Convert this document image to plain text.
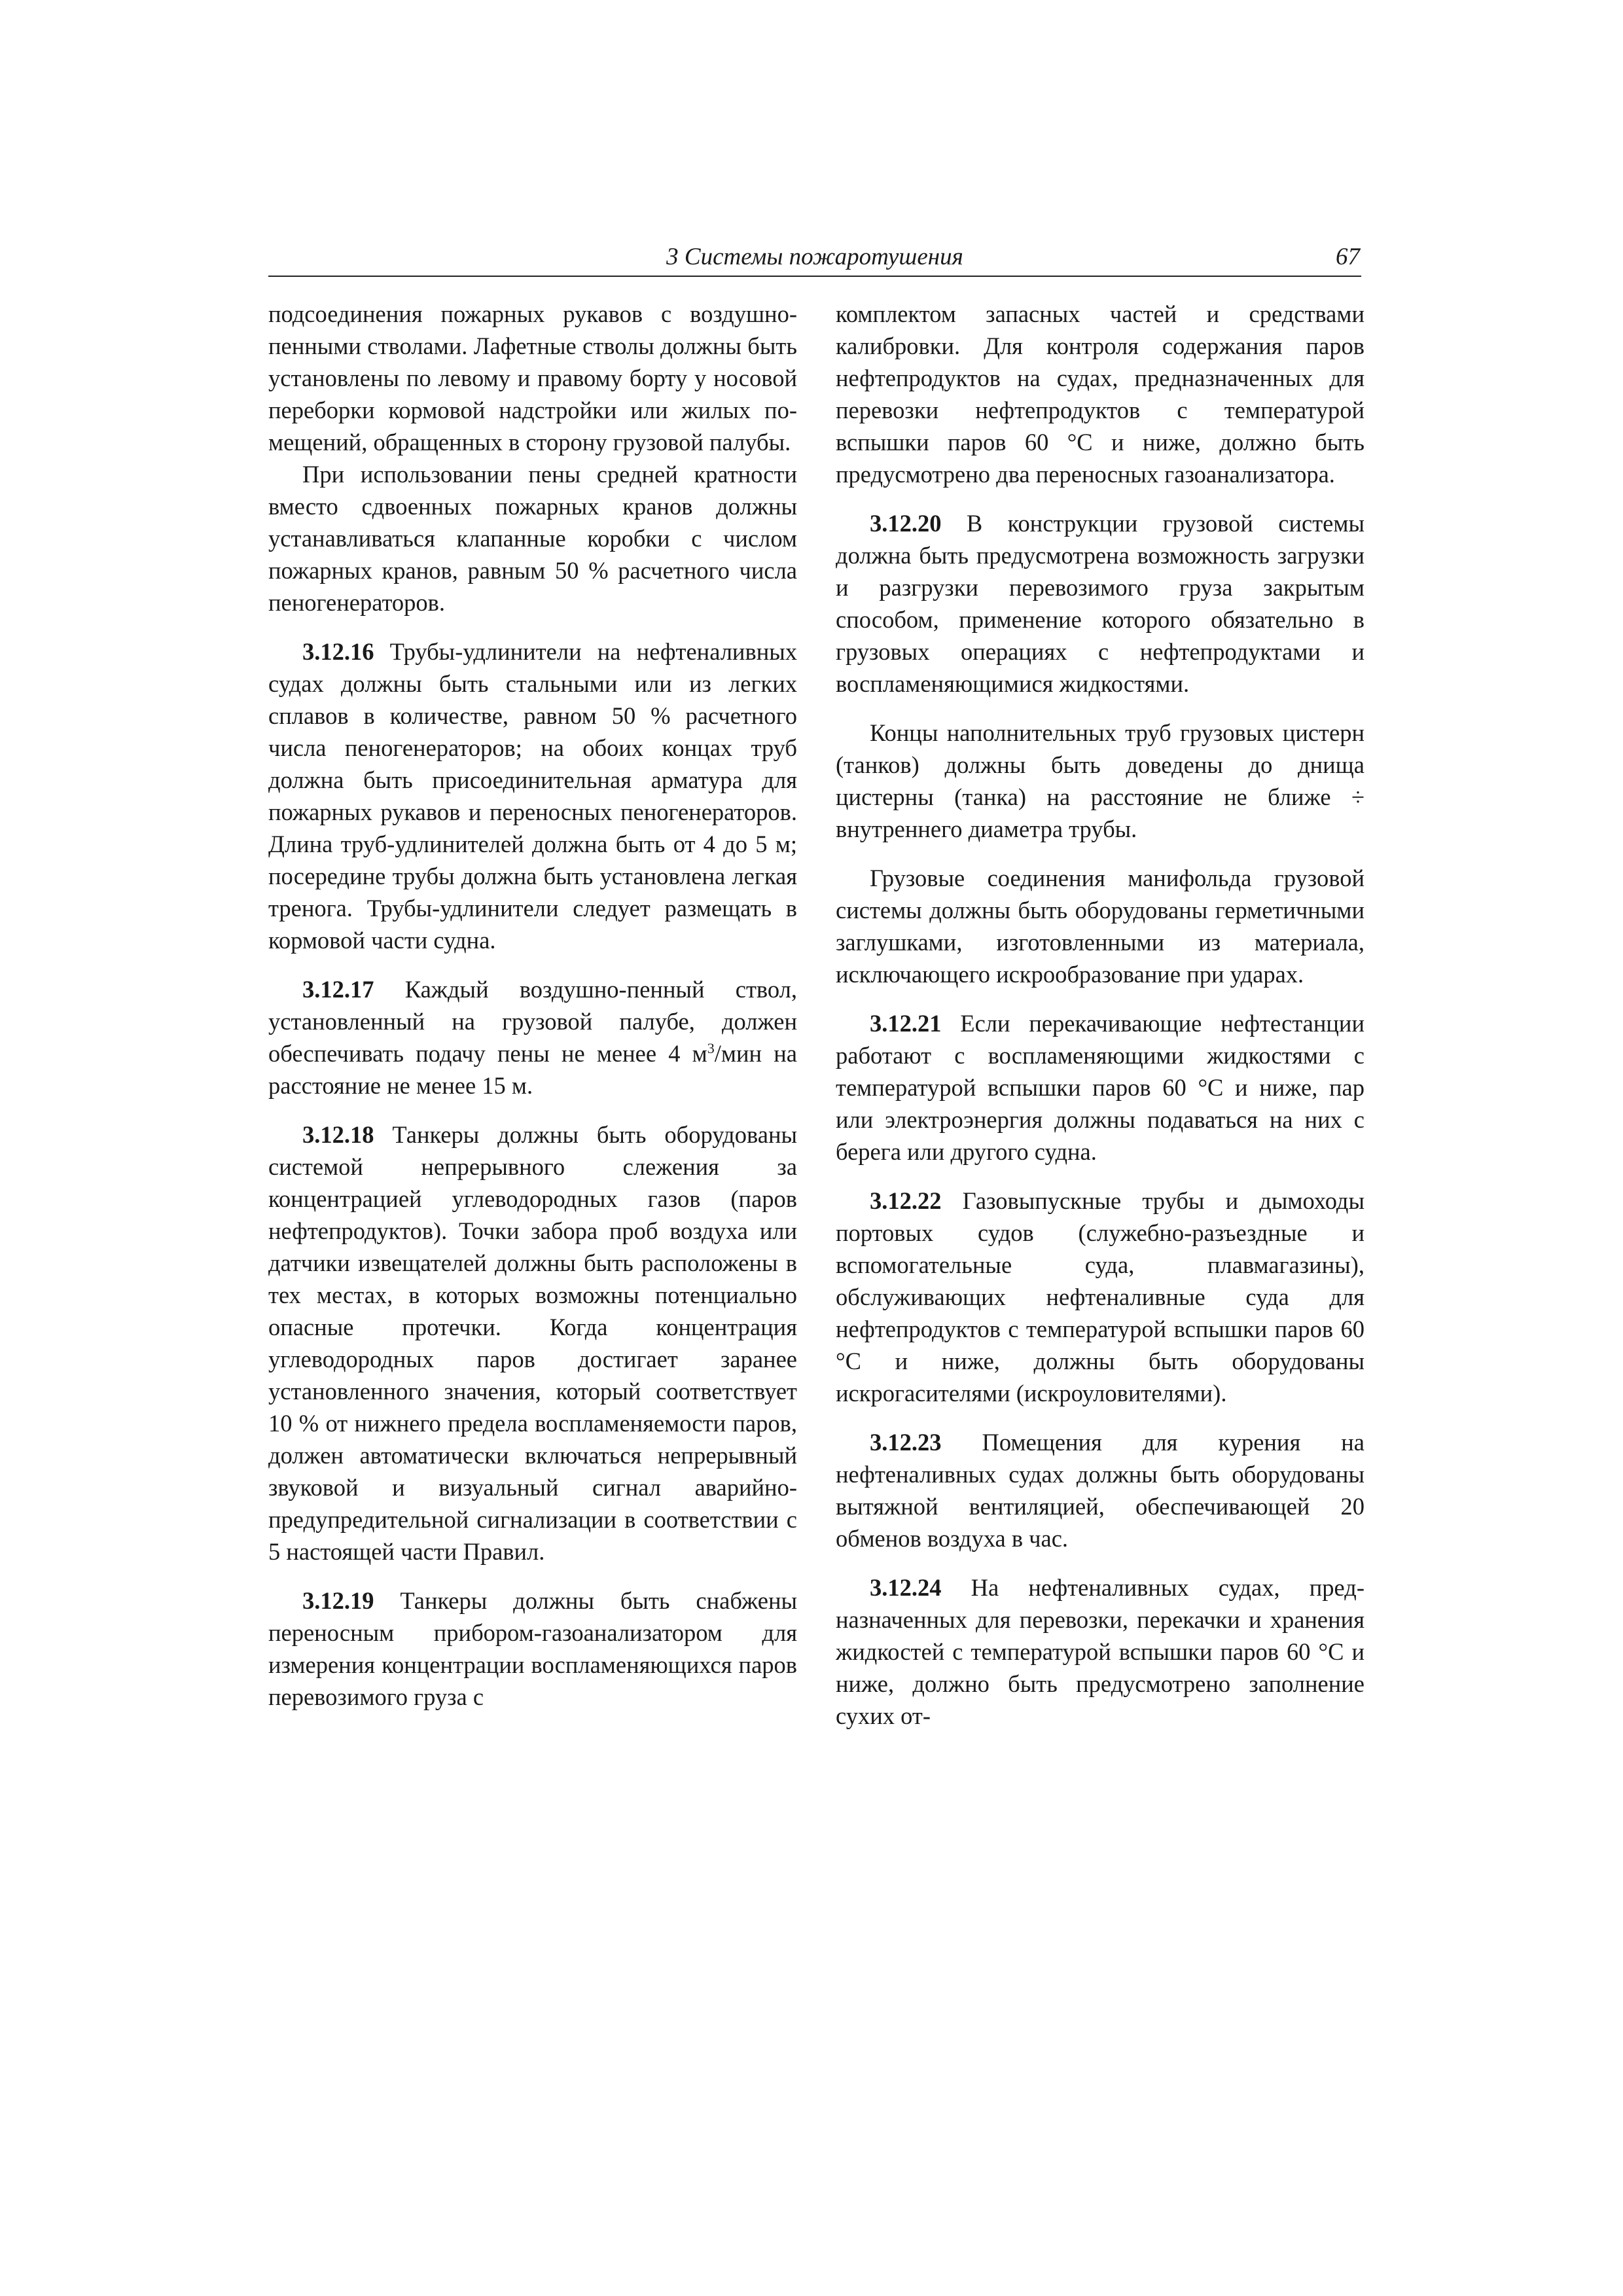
3 Системы пожаротушения	67

подсоединения пожарных рукавов с воздушно-пенными стволами. Лафетные стволы должны быть установлены по левому и правому борту у носовой переборки кормовой надстройки или жилых помещений, обращенных в сторону грузовой палубы.

При использовании пены средней кратности вместо сдвоенных пожарных кранов должны устанавливаться клапанные коробки с числом пожарных кранов, равным 50 % расчетного числа пеногенераторов.

3.12.16 Трубы-удлинители на нефтеналивных судах должны быть стальными или из легких сплавов в количестве, равном 50 % расчетного числа пеногенераторов; на обоих концах труб должна быть присоединительная арматура для пожарных рукавов и переносных пеногенераторов. Длина труб-удлинителей должна быть от 4 до 5 м; посередине трубы должна быть установлена легкая тренога. Трубы-удлинители следует размещать в кормовой части судна.

3.12.17 Каждый воздушно-пенный ствол, установленный на грузовой палубе, должен обеспечивать подачу пены не менее 4 $м^3$/мин на расстояние не менее 15 м.

3.12.18 Танкеры должны быть оборудованы системой непрерывного слежения за концентрацией углеводородных газов (паров нефтепродуктов). Точки забора проб воздуха или датчики извещателей должны быть расположены в тех местах, в которых возможны потенциально опасные протечки. Когда концентрация углеводородных паров достигает заранее установленного значения, который соответствует 10 % от нижнего предела воспламеняемости паров, должен автоматически включаться непрерывный звуковой и визуальный сигнал аварийно-предупредительной сигнализации в соответствии с 5 настоящей части Правил.

3.12.19 Танкеры должны быть снабжены переносным прибором-газоанализатором для измерения концентрации воспламеняющихся паров перевозимого груза с

комплектом запасных частей и средствами калибровки. Для контроля содержания паров нефтепродуктов на судах, предназначенных для перевозки нефтепродуктов с температурой вспышки паров 60 °С и ниже, должно быть предусмотрено два переносных газоанализатора.

3.12.20 В конструкции грузовой системы должна быть предусмотрена возможность загрузки и разгрузки перевозимого груза закрытым способом, применение которого обязательно в грузовых операциях с нефтепродуктами и воспламеняющимися жидкостями.

Концы наполнительных труб грузовых цистерн (танков) должны быть доведены до днища цистерны (танка) на расстояние не ближе ÷ внутреннего диаметра трубы.

Грузовые соединения манифольда грузовой системы должны быть оборудованы герметичными заглушками, изготовленными из материала, исключающего искрообразование при ударах.

3.12.21 Если перекачивающие нефтестанции работают с воспламеняющими жидкостями с температурой вспышки паров 60 °С и ниже, пар или электроэнергия должны подаваться на них с берега или другого судна.

3.12.22 Газовыпускные трубы и дымоходы портовых судов (служебно-разъездные и вспомогательные суда, плавмагазины), обслуживающих нефтеналивные суда для нефтепродуктов с температурой вспышки паров 60 °С и ниже, должны быть оборудованы искрогасителями (искроуловителями).

3.12.23 Помещения для курения на нефтеналивных судах должны быть оборудованы вытяжной вентиляцией, обеспечивающей 20 обменов воздуха в час.

3.12.24 На нефтеналивных судах, предназначенных для перевозки, перекачки и хранения жидкостей с температурой вспышки паров 60 °С и ниже, должно быть предусмотрено заполнение сухих от-
